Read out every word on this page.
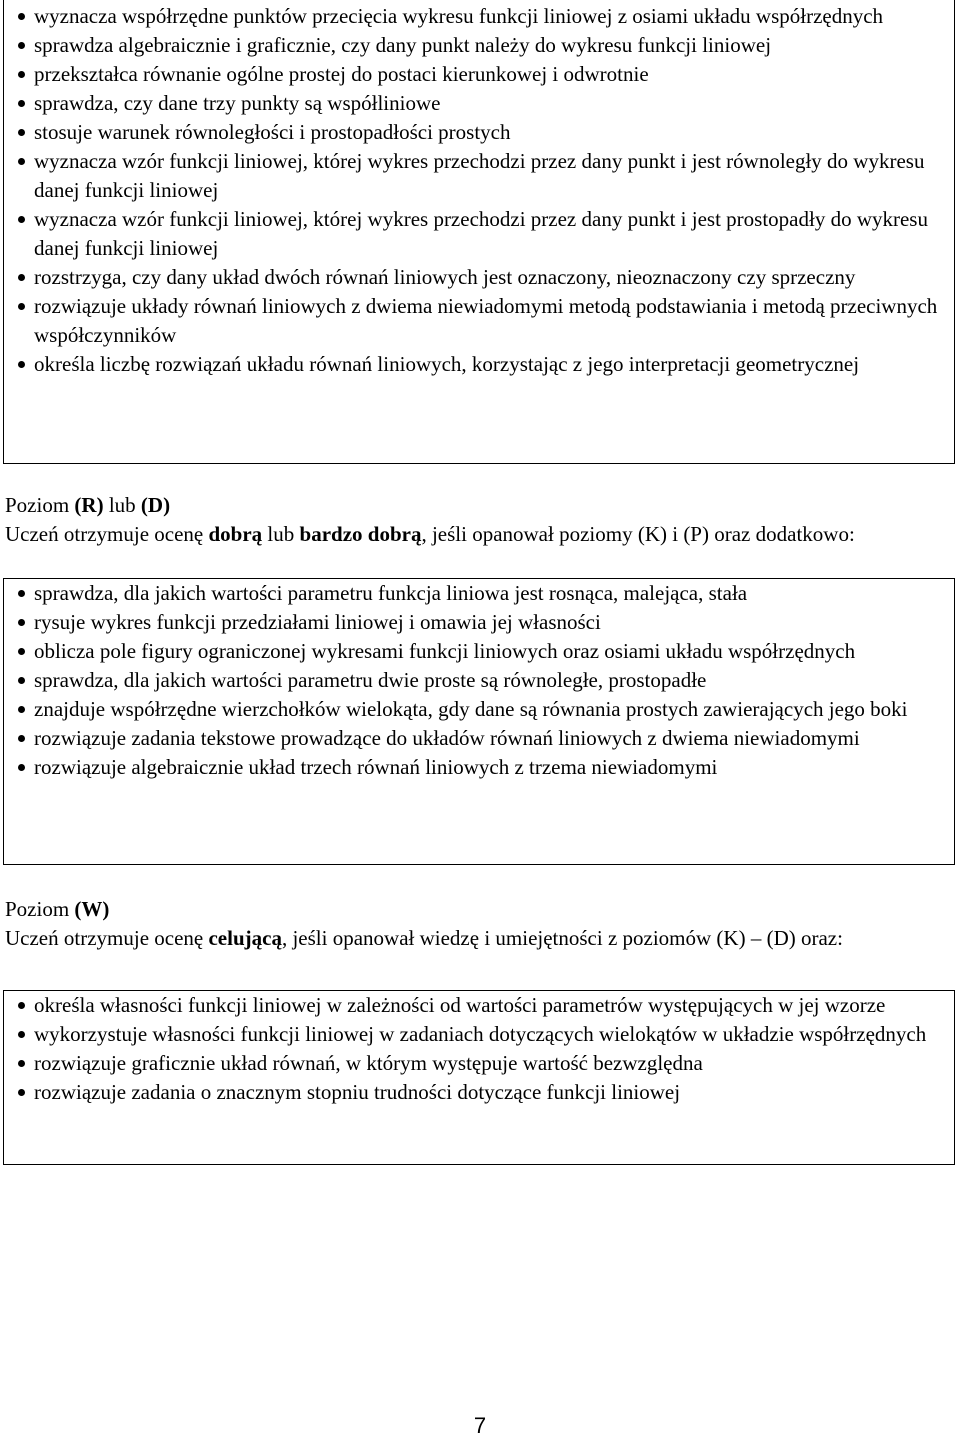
wyznacza współrzędne punktów przecięcia wykresu funkcji liniowej z osiami układu współrzędnych
sprawdza algebraicznie i graficznie, czy dany punkt należy do wykresu funkcji liniowej
przekształca równanie ogólne prostej do postaci kierunkowej i odwrotnie
sprawdza, czy dane trzy punkty są współliniowe
stosuje warunek równoległości i prostopadłości prostych
wyznacza wzór funkcji liniowej, której wykres przechodzi przez dany punkt i jest równoległy do wykresu danej funkcji liniowej
wyznacza wzór funkcji liniowej, której wykres przechodzi przez dany punkt i jest prostopadły do wykresu danej funkcji liniowej
rozstrzyga, czy dany układ dwóch równań liniowych jest oznaczony, nieoznaczony czy sprzeczny
rozwiązuje układy równań liniowych z dwiema niewiadomymi metodą podstawiania i metodą przeciwnych współczynników
określa liczbę rozwiązań układu równań liniowych, korzystając z jego interpretacji geometrycznej

Poziom (R) lub (D)

Uczeń otrzymuje ocenę dobrą lub bardzo dobrą, jeśli opanował poziomy (K) i (P) oraz dodatkowo:

sprawdza, dla jakich wartości parametru funkcja liniowa jest rosnąca, malejąca, stała
rysuje wykres funkcji przedziałami liniowej i omawia jej własności
oblicza pole figury ograniczonej wykresami funkcji liniowych oraz osiami układu współrzędnych
sprawdza, dla jakich wartości parametru dwie proste są równoległe, prostopadłe
znajduje współrzędne wierzchołków wielokąta, gdy dane są równania prostych zawierających jego boki
rozwiązuje zadania tekstowe prowadzące do układów równań liniowych z dwiema niewiadomymi
rozwiązuje algebraicznie układ trzech równań liniowych z trzema niewiadomymi

Poziom (W)

Uczeń otrzymuje ocenę celującą, jeśli opanował wiedzę i umiejętności z poziomów (K) – (D) oraz:

określa własności funkcji liniowej w zależności od wartości parametrów występujących w jej wzorze
wykorzystuje własności funkcji liniowej w zadaniach dotyczących wielokątów w układzie współrzędnych
rozwiązuje graficznie układ równań, w którym występuje wartość bezwzględna
rozwiązuje zadania o znacznym stopniu trudności dotyczące funkcji liniowej
7
